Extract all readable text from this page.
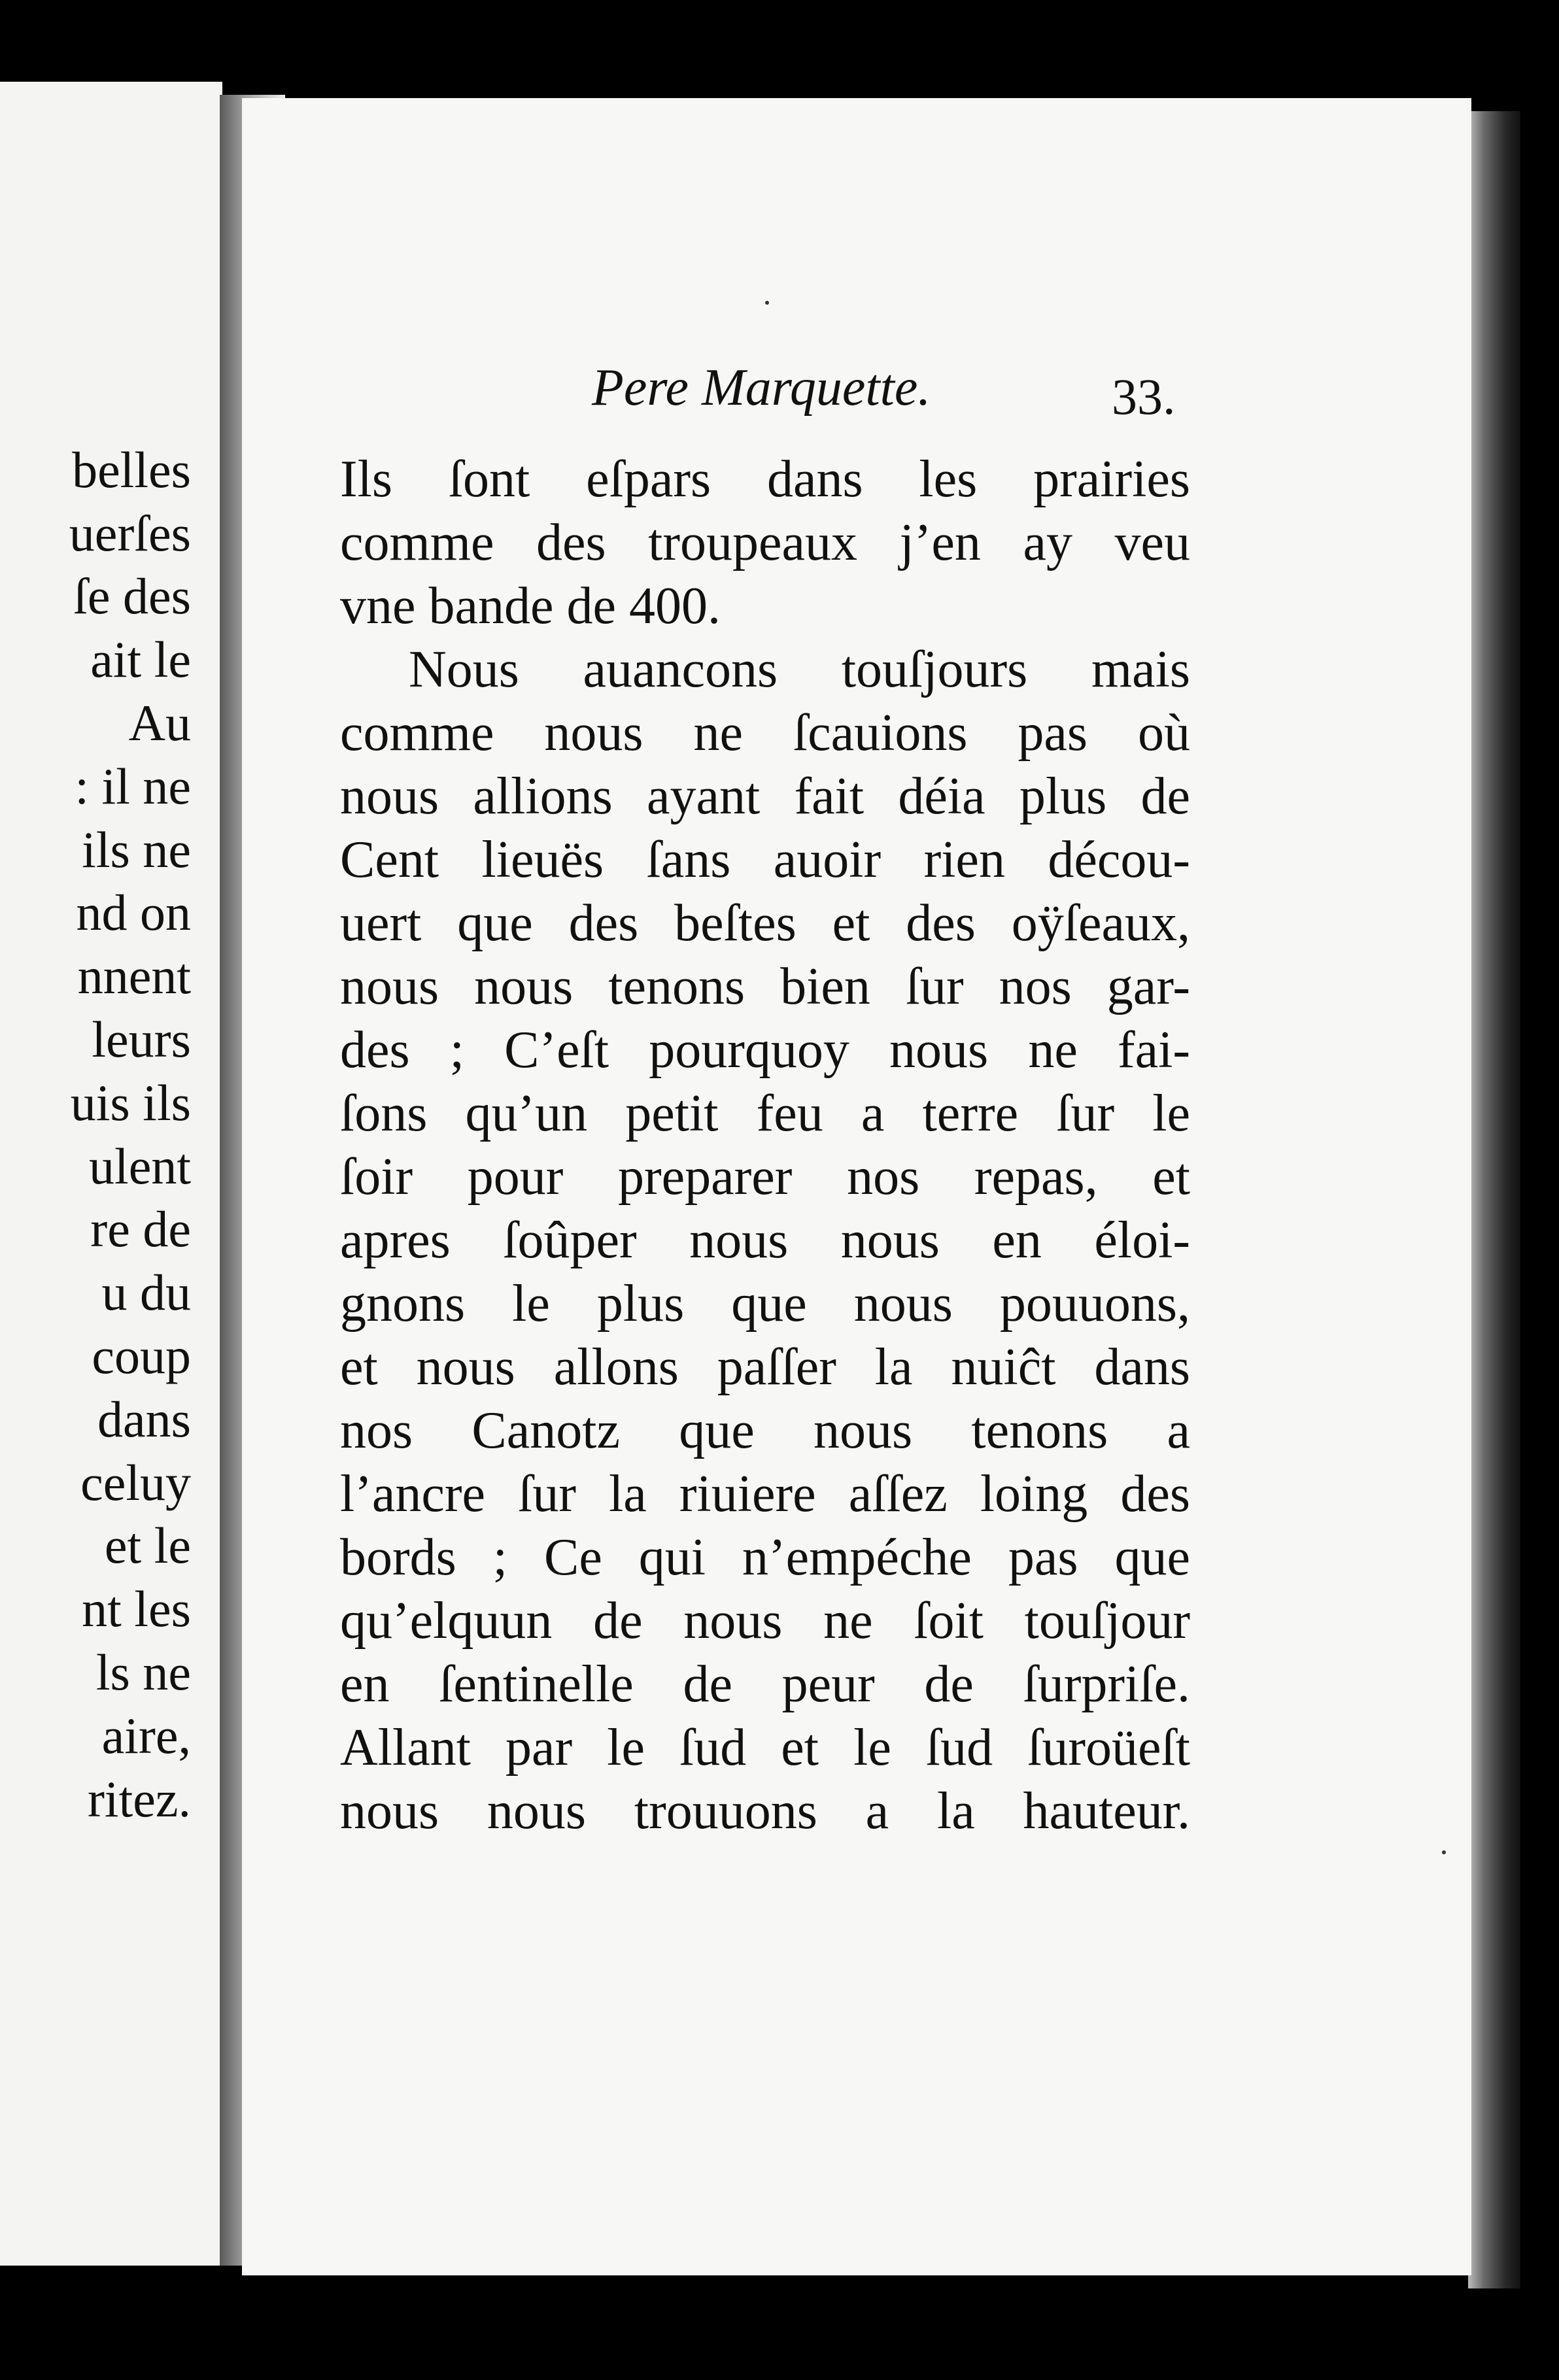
belles
uerſes
ſe des
ait le
Au
: il ne
ils ne
nd on
nnent
leurs
uis ils
ulent
re de
u du
coup
dans
celuy
et le
nt les
ls ne
aire,
ritez.
Pere Marquette.	33.
Ils ſont eſpars dans les prairies
comme des troupeaux j’en ay veu
vne bande de 400.
Nous auancons touſjours mais
comme nous ne ſcauions pas où
nous allions ayant fait déia plus de
Cent lieuës ſans auoir rien décou-
uert que des beſtes et des oÿſeaux,
nous nous tenons bien ſur nos gar-
des ; C’eſt pourquoy nous ne fai-
ſons qu’un petit feu a terre ſur le
ſoir pour preparer nos repas, et
apres ſoûper nous nous en éloi-
gnons le plus que nous pouuons,
et nous allons paſſer la nuiĉt dans
nos Canotz que nous tenons a
l’ancre ſur la riuiere aſſez loing des
bords ; Ce qui n’empéche pas que
qu’elquun de nous ne ſoit touſjour
en ſentinelle de peur de ſurpriſe.
Allant par le ſud et le ſud ſuroüeſt
nous nous trouuons a la hauteur.
